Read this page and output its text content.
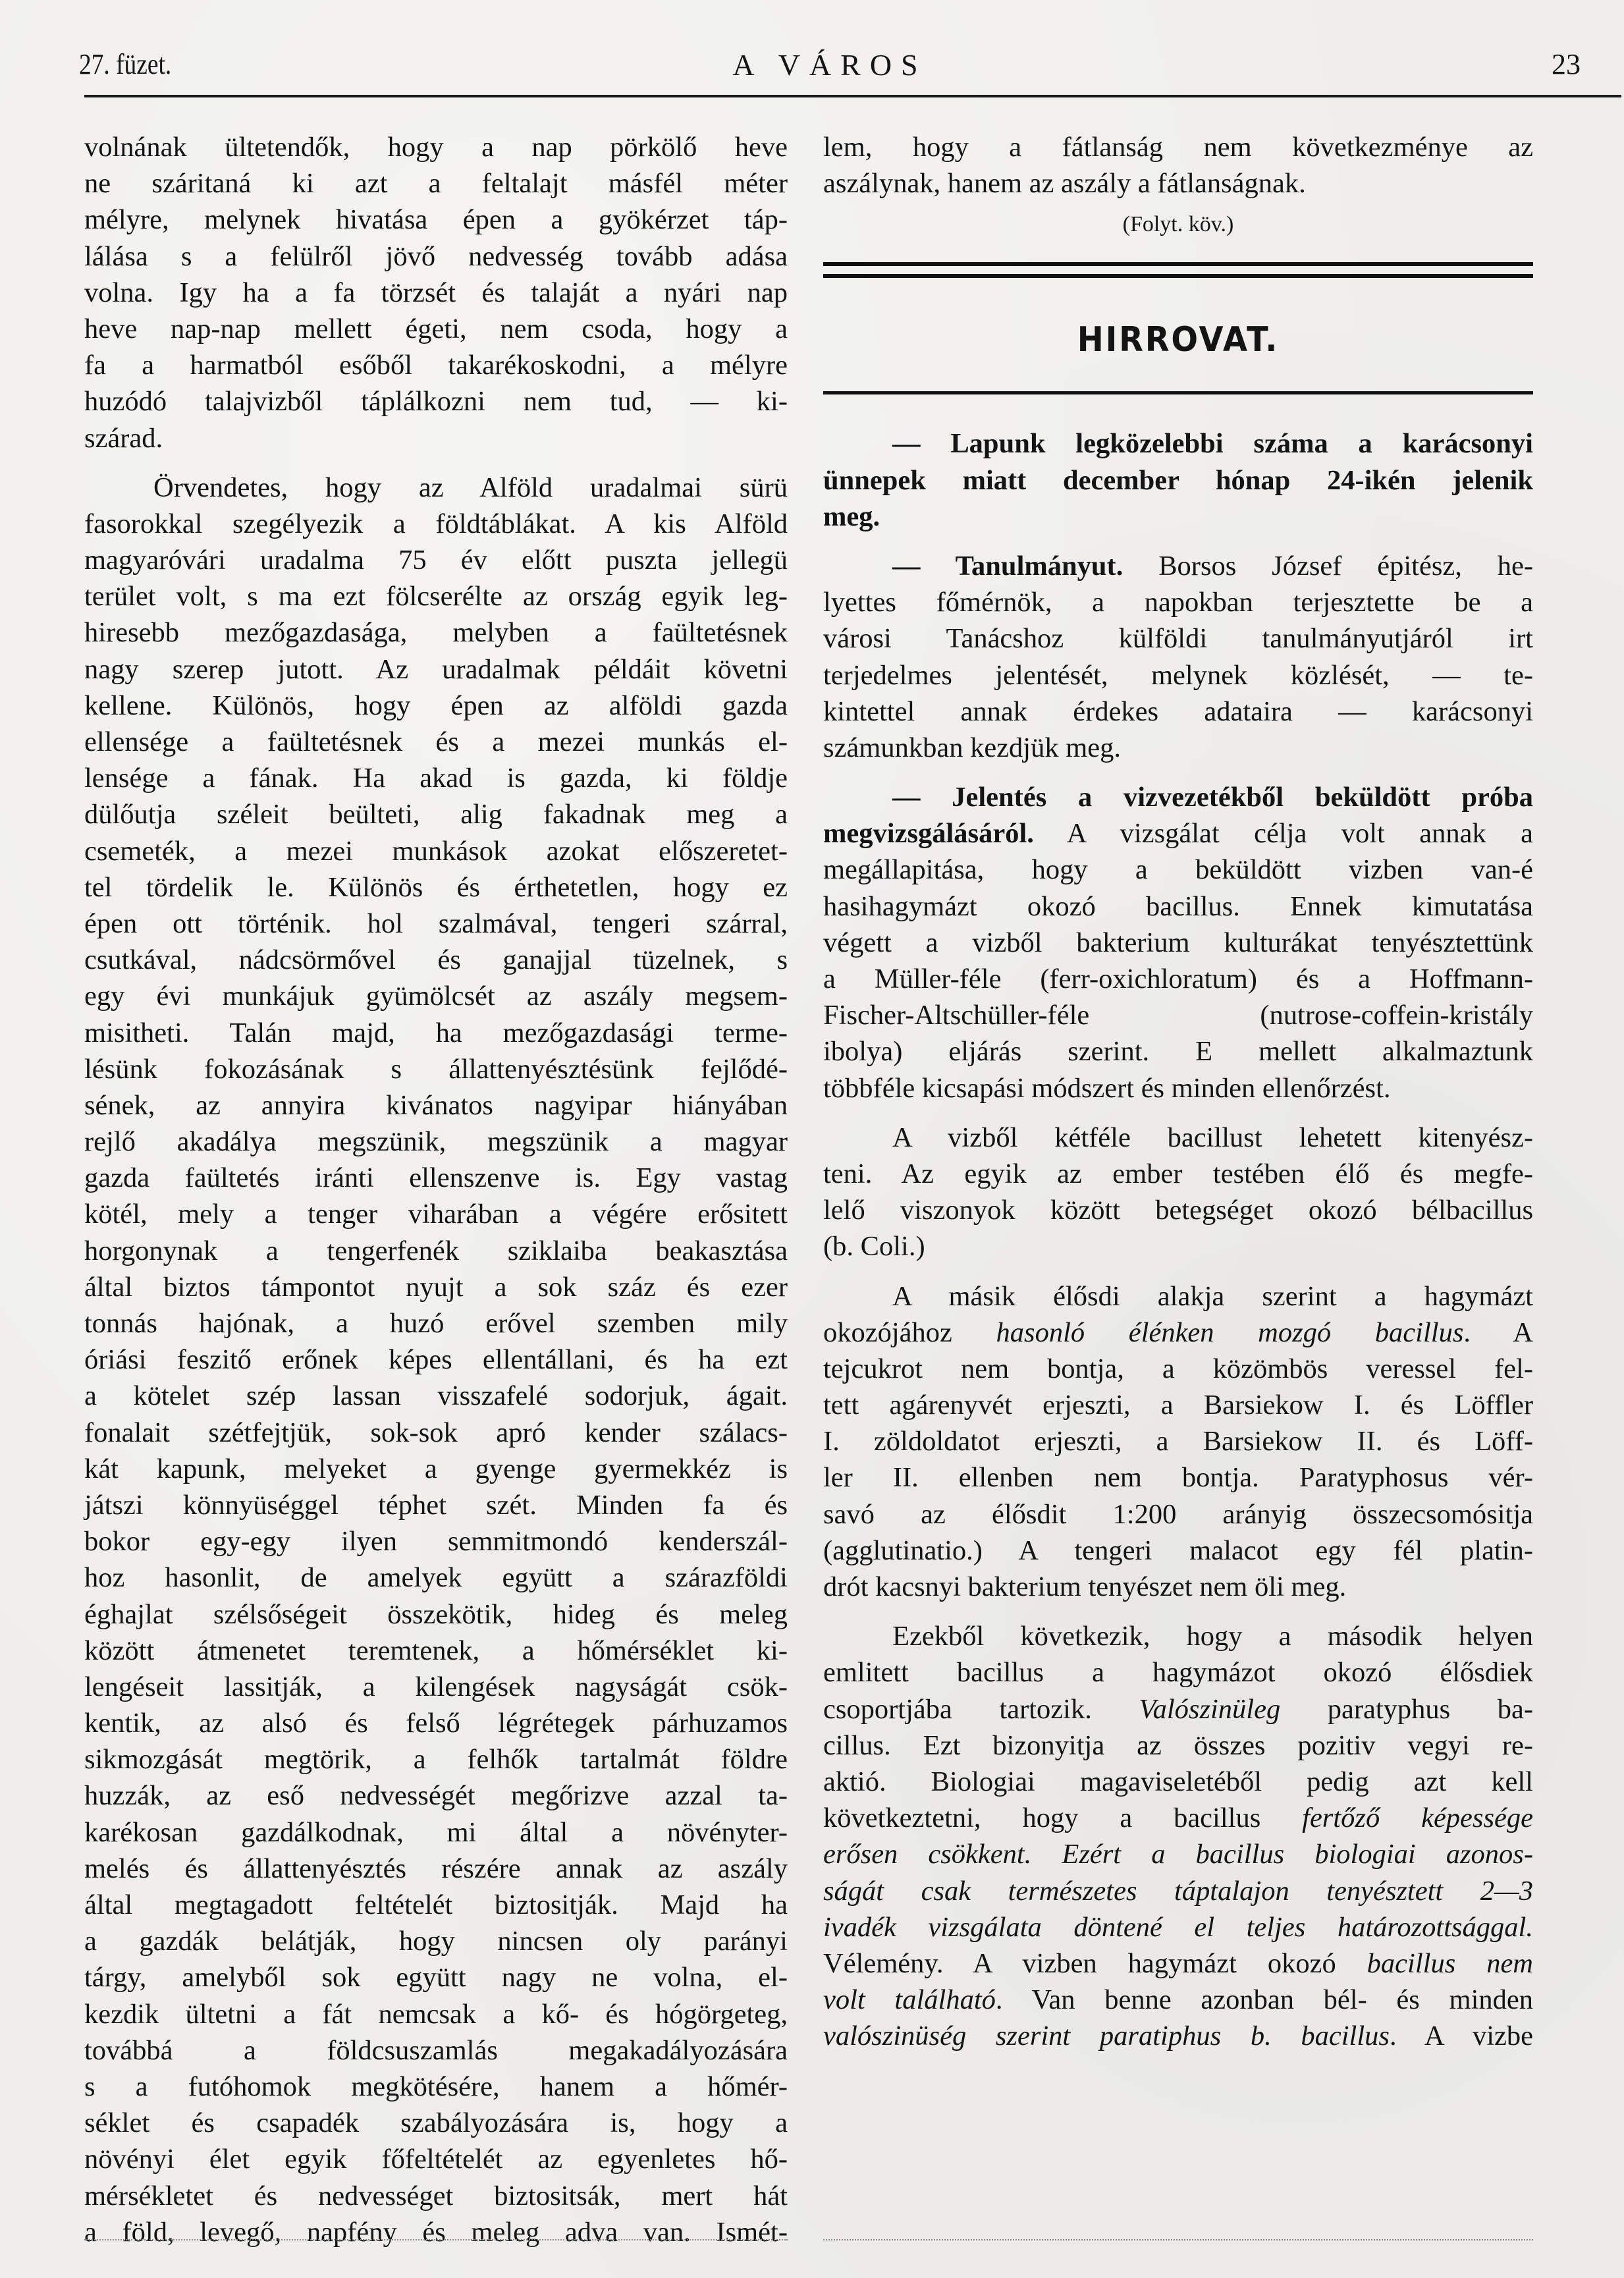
27. füzet.	A VÁROS	23
volnának ültetendők, hogy a nap pörkölő heve
ne száritaná ki azt a feltalajt másfél méter
mélyre, melynek hivatása épen a gyökérzet táp-
lálása s a felülről jövő nedvesség tovább adása
volna. Igy ha a fa törzsét és talaját a nyári nap
heve nap-nap mellett égeti, nem csoda, hogy a
fa a harmatból esőből takarékoskodni, a mélyre
huzódó talajvizből táplálkozni nem tud, — ki-
szárad.
Örvendetes, hogy az Alföld uradalmai sürü
fasorokkal szegélyezik a földtáblákat. A kis Alföld
magyaróvári uradalma 75 év előtt puszta jellegü
terület volt, s ma ezt fölcserélte az ország egyik leg-
hiresebb mezőgazdasága, melyben a faültetésnek
nagy szerep jutott. Az uradalmak példáit követni
kellene. Különös, hogy épen az alföldi gazda
ellensége a faültetésnek és a mezei munkás el-
lensége a fának. Ha akad is gazda, ki földje
dülőutja széleit beülteti, alig fakadnak meg a
csemeték, a mezei munkások azokat előszeretet-
tel tördelik le. Különös és érthetetlen, hogy ez
épen ott történik. hol szalmával, tengeri szárral,
csutkával, nádcsörmővel és ganajjal tüzelnek, s
egy évi munkájuk gyümölcsét az aszály megsem-
misitheti. Talán majd, ha mezőgazdasági terme-
lésünk fokozásának s állattenyésztésünk fejlődé-
sének, az annyira kivánatos nagyipar hiányában
rejlő akadálya megszünik, megszünik a magyar
gazda faültetés iránti ellenszenve is. Egy vastag
kötél, mely a tenger viharában a végére erősitett
horgonynak a tengerfenék sziklaiba beakasztása
által biztos támpontot nyujt a sok száz és ezer
tonnás hajónak, a huzó erővel szemben mily
óriási feszitő erőnek képes ellentállani, és ha ezt
a kötelet szép lassan visszafelé sodorjuk, ágait.
fonalait szétfejtjük, sok-sok apró kender szálacs-
kát kapunk, melyeket a gyenge gyermekkéz is
játszi könnyüséggel téphet szét. Minden fa és
bokor egy-egy ilyen semmitmondó kenderszál-
hoz hasonlit, de amelyek együtt a szárazföldi
éghajlat szélsőségeit összekötik, hideg és meleg
között átmenetet teremtenek, a hőmérséklet ki-
lengéseit lassitják, a kilengések nagyságát csök-
kentik, az alsó és felső légrétegek párhuzamos
sikmozgását megtörik, a felhők tartalmát földre
huzzák, az eső nedvességét megőrizve azzal ta-
karékosan gazdálkodnak, mi által a növényter-
melés és állattenyésztés részére annak az aszály
által megtagadott feltételét biztositják. Majd ha
a gazdák belátják, hogy nincsen oly parányi
tárgy, amelyből sok együtt nagy ne volna, el-
kezdik ültetni a fát nemcsak a kő- és hógörgeteg,
továbbá a földcsuszamlás megakadályozására
s a futóhomok megkötésére, hanem a hőmér-
séklet és csapadék szabályozására is, hogy a
növényi élet egyik főfeltételét az egyenletes hő-
mérsékletet és nedvességet biztositsák, mert hát
a föld, levegő, napfény és meleg adva van. Ismét-
lem, hogy a fátlanság nem következménye az
aszálynak, hanem az aszály a fátlanságnak.
(Folyt. köv.)
HIRROVAT.
— Lapunk legközelebbi száma a karácsonyi
ünnepek miatt december hónap 24-ikén jelenik
meg.
— Tanulmányut. Borsos József épitész, he-
lyettes főmérnök, a napokban terjesztette be a
városi Tanácshoz külföldi tanulmányutjáról irt
terjedelmes jelentését, melynek közlését, — te-
kintettel annak érdekes adataira — karácsonyi
számunkban kezdjük meg.
— Jelentés a vizvezetékből beküldött próba
megvizsgálásáról. A vizsgálat célja volt annak a
megállapitása, hogy a beküldött vizben van-é
hasihagymázt okozó bacillus. Ennek kimutatása
végett a vizből bakterium kulturákat tenyésztettünk
a Müller-féle (ferr-oxichloratum) és a Hoffmann-
Fischer-Altschüller-féle (nutrose-coffein-kristály
ibolya) eljárás szerint. E mellett alkalmaztunk
többféle kicsapási módszert és minden ellenőrzést.
A vizből kétféle bacillust lehetett kitenyész-
teni. Az egyik az ember testében élő és megfe-
lelő viszonyok között betegséget okozó bélbacillus
(b. Coli.)
A másik élősdi alakja szerint a hagymázt
okozójához hasonló élénken mozgó bacillus. A
tejcukrot nem bontja, a közömbös veressel fel-
tett agárenyvét erjeszti, a Barsiekow I. és Löffler
I. zöldoldatot erjeszti, a Barsiekow II. és Löff-
ler II. ellenben nem bontja. Paratyphosus vér-
savó az élősdit 1:200 arányig összecsomósitja
(agglutinatio.) A tengeri malacot egy fél platin-
drót kacsnyi bakterium tenyészet nem öli meg.
Ezekből következik, hogy a második helyen
emlitett bacillus a hagymázot okozó élősdiek
csoportjába tartozik. Valószinüleg paratyphus ba-
cillus. Ezt bizonyitja az összes pozitiv vegyi re-
aktió. Biologiai magaviseletéből pedig azt kell
következtetni, hogy a bacillus fertőző képessége
erősen csökkent. Ezért a bacillus biologiai azonos-
ságát csak természetes táptalajon tenyésztett 2—3
ivadék vizsgálata döntené el teljes határozottsággal.
Vélemény. A vizben hagymázt okozó bacillus nem
volt található. Van benne azonban bél- és minden
valószinüség szerint paratiphus b. bacillus. A vizbe
